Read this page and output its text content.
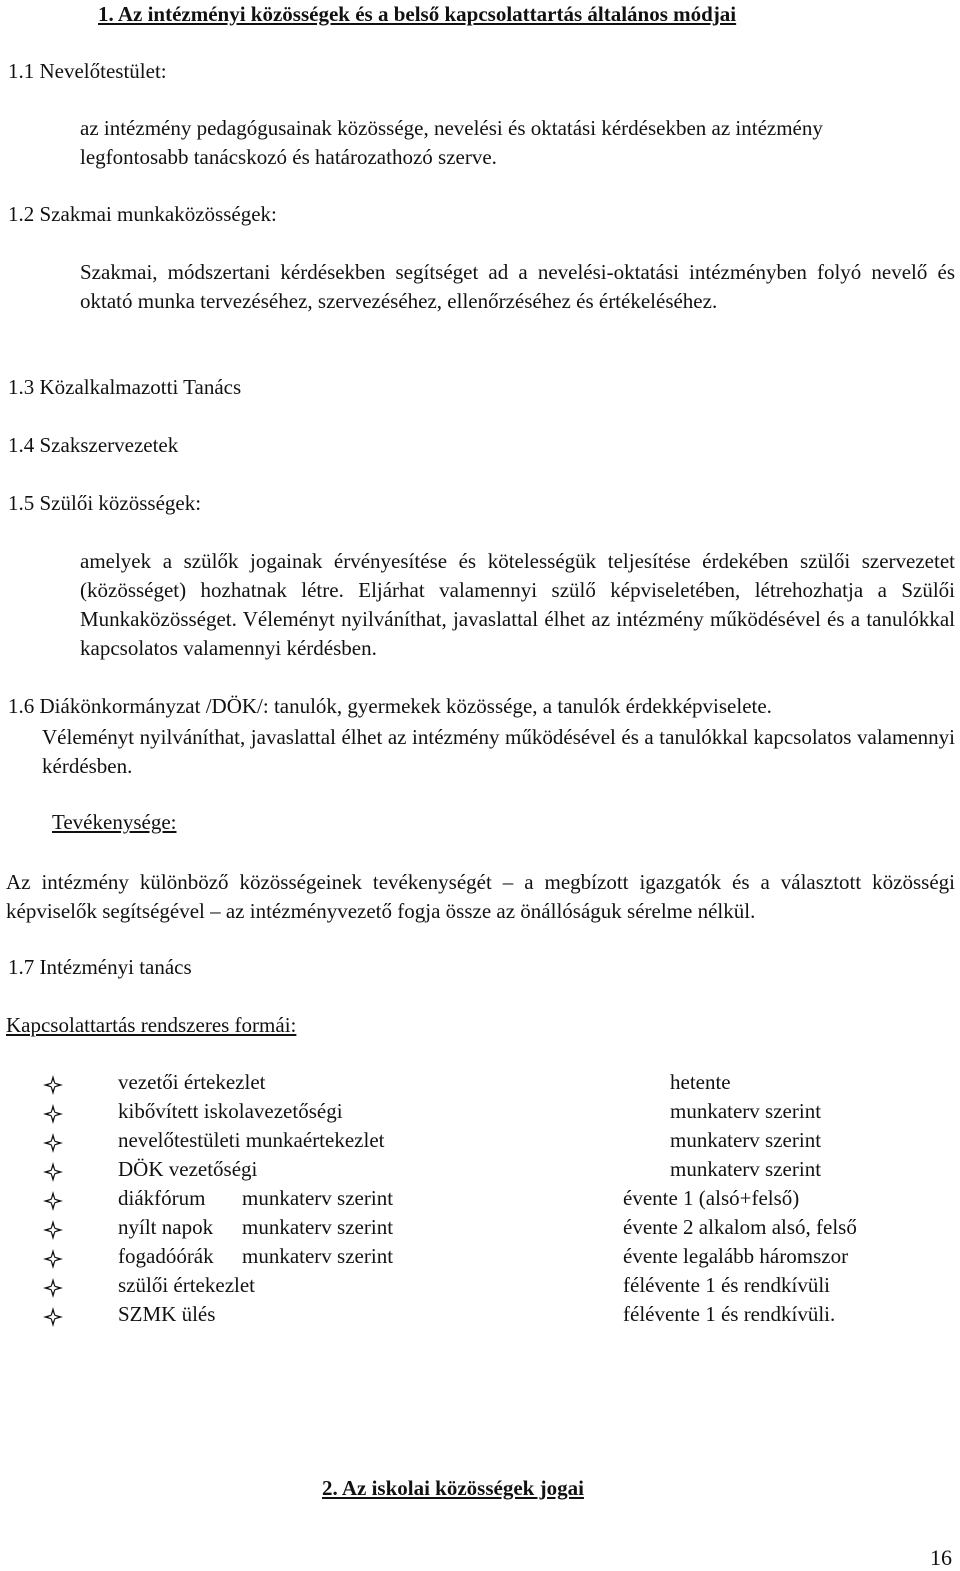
1. Az intézményi közösségek és a belső kapcsolattartás általános módjai
1.1 Nevelőtestület:
az intézmény pedagógusainak közössége, nevelési és oktatási kérdésekben az intézmény legfontosabb tanácskozó és határozathozó szerve.
1.2 Szakmai munkaközösségek:
Szakmai, módszertani kérdésekben segítséget ad a nevelési-oktatási intézményben folyó nevelő és oktató munka tervezéséhez, szervezéséhez, ellenőrzéséhez és értékeléséhez.
1.3 Közalkalmazotti Tanács
1.4 Szakszervezetek
1.5 Szülői közösségek:
amelyek a szülők jogainak érvényesítése és kötelességük teljesítése érdekében szülői szervezetet (közösséget) hozhatnak létre. Eljárhat valamennyi szülő képviseletében, létrehozhatja a Szülői Munkaközösséget. Véleményt nyilváníthat, javaslattal élhet az intézmény működésével és a tanulókkal kapcsolatos valamennyi kérdésben.
1.6 Diákönkormányzat /DÖK/: tanulók, gyermekek közössége, a tanulók érdekképviselete.
Véleményt nyilváníthat, javaslattal élhet az intézmény működésével és a tanulókkal kapcsolatos valamennyi kérdésben.
Tevékenysége:
Az intézmény különböző közösségeinek tevékenységét – a megbízott igazgatók és a választott közösségi képviselők segítségével – az intézményvezető fogja össze az önállóságuk sérelme nélkül.
1.7 Intézményi tanács
Kapcsolattartás rendszeres formái:
vezetői értekezlet	hetente
kibővített iskolavezetőségi	munkaterv szerint
nevelőtestületi munkaértekezlet	munkaterv szerint
DÖK vezetőségi	munkaterv szerint
diákfórum munkaterv szerint	évente 1 (alsó+felső)
nyílt napok munkaterv szerint	évente 2 alkalom alsó, felső
fogadóórák munkaterv szerint	évente legalább háromszor
szülői értekezlet	félévente 1 és rendkívüli
SZMK ülés	félévente 1 és rendkívüli.
2. Az iskolai közösségek jogai
16
